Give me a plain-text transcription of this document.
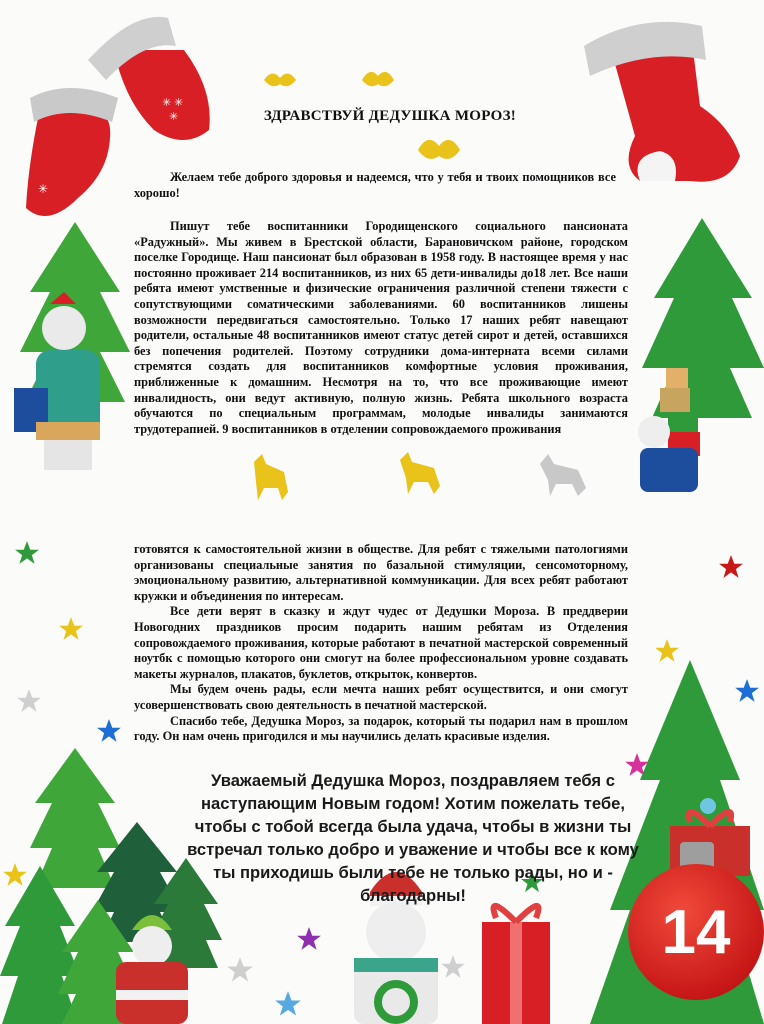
✳
✳ ✳
✳
14
ЗДРАВСТВУЙ ДЕДУШКА МОРОЗ!

Желаем тебе доброго здоровья и надеемся, что у тебя и твоих помощников все хорошо!

Пишут тебе воспитанники Городищенского социального пансионата «Радужный». Мы живем в Брестской области, Барановичском районе, городском поселке Городище. Наш пансионат был образован в 1958 году. В настоящее время у нас постоянно проживает 214 воспитанников, из них 65 дети-инвалиды до18 лет. Все наши ребята имеют умственные и физические ограничения различной степени тяжести с сопутствующими соматическими заболеваниями. 60 воспитанников лишены возможности передвигаться самостоятельно. Только 17 наших ребят навещают родители, остальные 48 воспитанников имеют статус детей сирот и детей, оставшихся без попечения родителей. Поэтому сотрудники дома-интерната всеми силами стремятся создать для воспитанников комфортные условия проживания, приближенные к домашним. Несмотря на то, что все проживающие имеют инвалидность, они ведут активную, полную жизнь. Ребята школьного возраста обучаются по специальным программам, молодые инвалиды занимаются трудотерапией. 9 воспитанников в отделении сопровождаемого проживания

готовятся к самостоятельной жизни в обществе. Для ребят с тяжелыми патологиями организованы специальные занятия по базальной стимуляции, сенсомоторному, эмоциональному развитию, альтернативной коммуникации. Для всех ребят работают кружки и объединения по интересам.

Все дети верят в сказку и ждут чудес от Дедушки Мороза. В преддверии Новогодних праздников просим подарить нашим ребятам из Отделения сопровождаемого проживания, которые работают в печатной мастерской современный ноутбк с помощью которого они смогут на более профессиональном уровне создавать макеты журналов, плакатов, буклетов, открыток, конвертов.

Мы будем очень рады, если мечта наших ребят осуществится, и они смогут усовершенствовать свою деятельность в печатной мастерской.

Спасибо тебе, Дедушка Мороз, за подарок, который ты подарил нам в прошлом году. Он нам очень пригодился и мы научились делать красивые изделия.

Уважаемый Дедушка Мороз, поздравляем тебя с наступающим Новым годом! Хотим пожелать тебе, чтобы с тобой всегда была удача, чтобы в жизни ты встречал только добро и уважение и чтобы все к кому ты приходишь были тебе не только рады, но и - благодарны!
